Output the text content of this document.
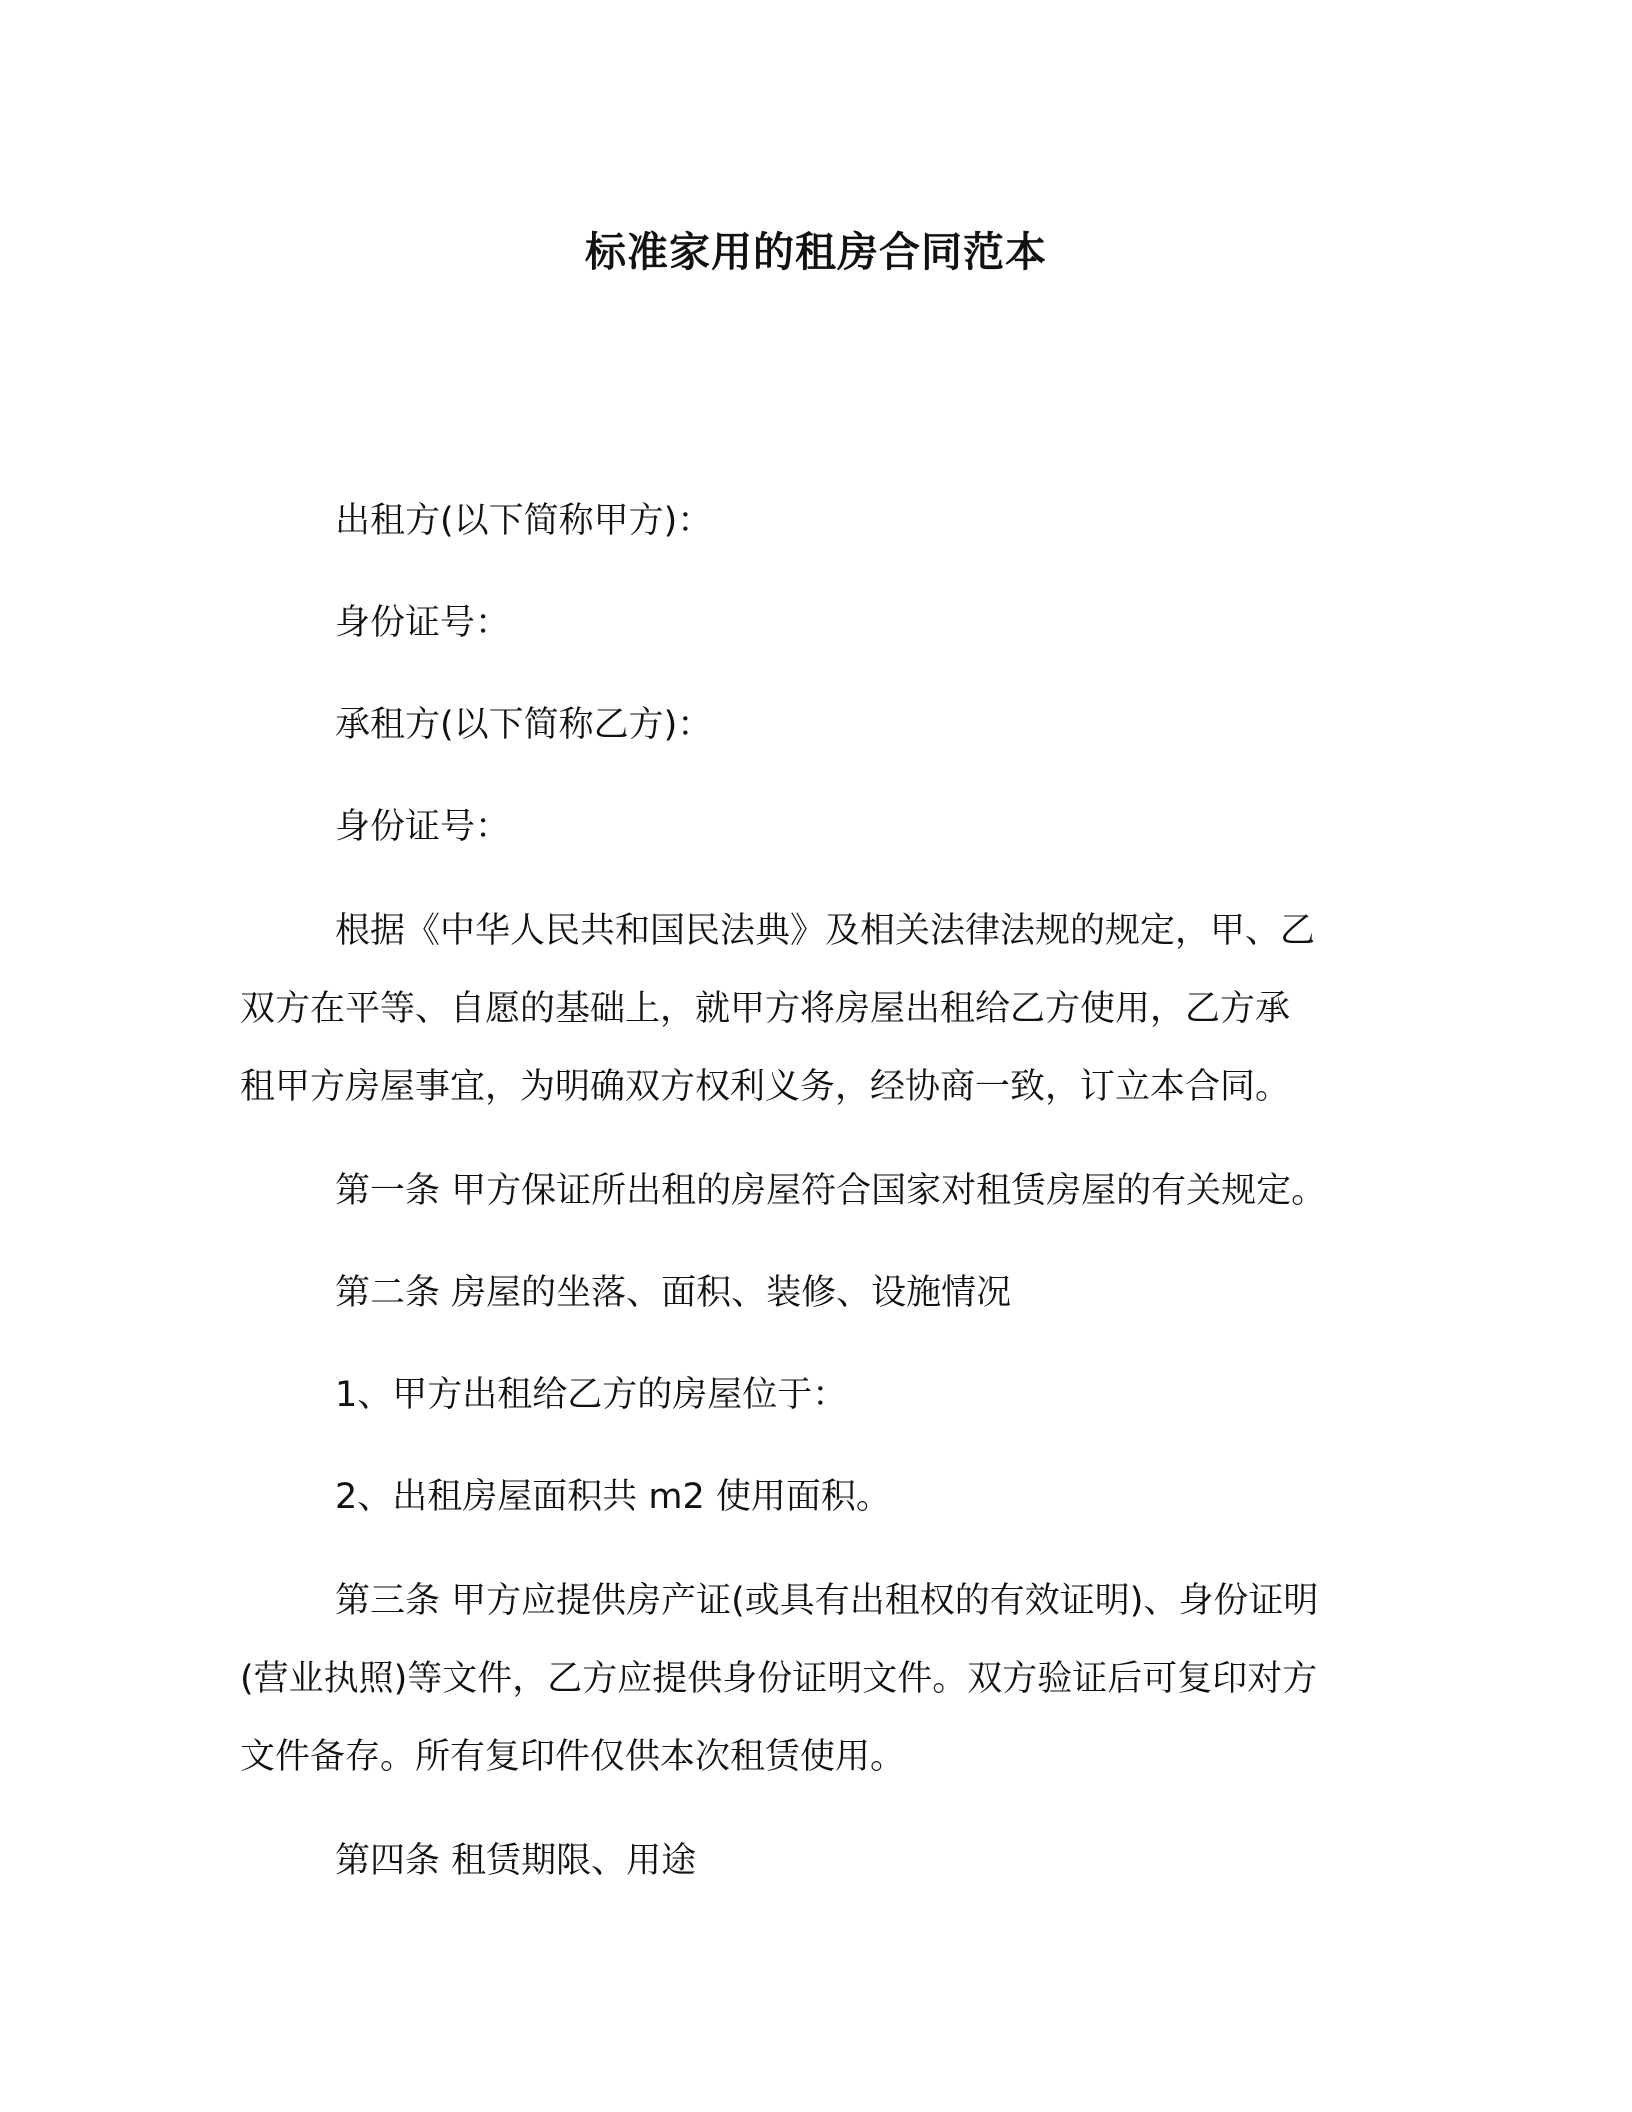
标准家用的租房合同范本
出租方(以下简称甲方)：
身份证号：
承租方(以下简称乙方)：
身份证号：
根据《中华人民共和国民法典》及相关法律法规的规定，甲、乙
双方在平等、自愿的基础上，就甲方将房屋出租给乙方使用，乙方承
租甲方房屋事宜，为明确双方权利义务，经协商一致，订立本合同。
第一条 甲方保证所出租的房屋符合国家对租赁房屋的有关规定。
第二条 房屋的坐落、面积、装修、设施情况
1、甲方出租给乙方的房屋位于：
2、出租房屋面积共 m2 使用面积。
第三条 甲方应提供房产证(或具有出租权的有效证明)、身份证明
(营业执照)等文件，乙方应提供身份证明文件。双方验证后可复印对方
文件备存。所有复印件仅供本次租赁使用。
第四条 租赁期限、用途
